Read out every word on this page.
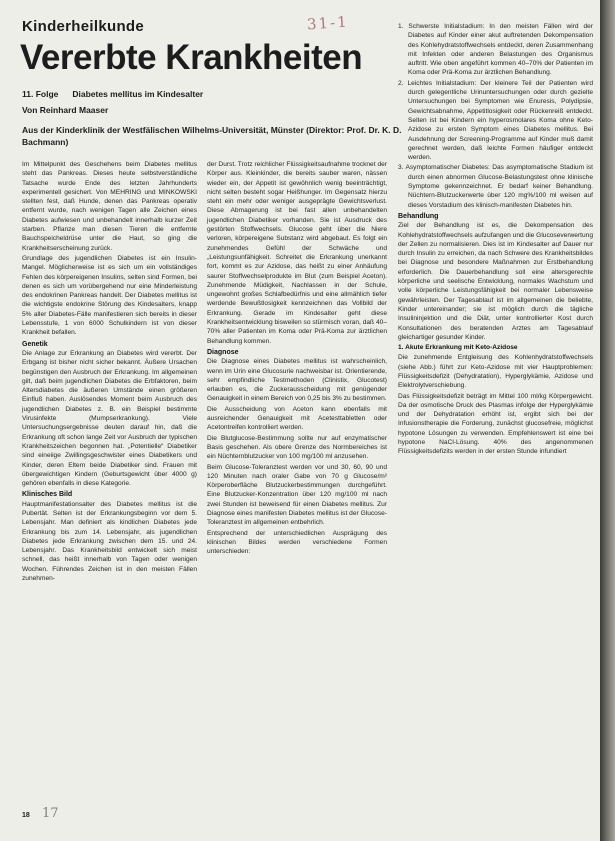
Kinderheilkunde	31-1
Vererbte Krankheiten
11. Folge Diabetes mellitus im Kindesalter
Von Reinhard Maaser
Aus der Kinderklinik der Westfälischen Wilhelms-Universität, Münster (Direktor: Prof. Dr. K. D. Bachmann)

Im Mittelpunkt des Geschehens beim Diabetes mellitus steht das Pankreas. Dieses heute selbstverständliche Tatsache wurde Ende des letzten Jahrhunderts experimentell gesichert. Von MEHRING und MINKOWSKI stellten fest, daß Hunde, denen das Pankreas operativ entfernt wurde, nach wenigen Tagen alle Zeichen eines Diabetes aufwiesen und unbehandelt innerhalb kurzer Zeit starben. Pflanze man diesen Tieren die entfernte Bauchspeicheldrüse unter die Haut, so ging die Krankheitserscheinung zurück.

Grundlage des jugendlichen Diabetes ist ein Insulin-Mangel. Möglicherweise ist es sich um ein vollständiges Fehlen des körpereigenen Insulins, selten sind Formen, bei denen es sich um vorübergehend nur eine Minderleistung des endokrinen Pankreas handelt. Der Diabetes mellitus ist die wichtigste endokrine Störung des Kindesalters, knapp 5% aller Diabetes-Fälle manifestieren sich bereits in dieser Lebensstufe, 1 von 6000 Schulkindern ist von dieser Krankheit befallen.

Genetik

Die Anlage zur Erkrankung an Diabetes wird vererbt. Der Erbgang ist bisher nicht sicher bekannt. Äußere Ursachen begünstigen den Ausbruch der Erkrankung. Im allgemeinen gilt, daß beim jugendlichen Diabetes die Erbfaktoren, beim Altersdiabetes die äußeren Umstände einen größeren Einfluß haben. Auslösendes Moment beim Ausbruch des jugendlichen Diabetes z. B. ein Beispiel bestimmte Virusinfekte (Mumpserkrankung). Viele Untersuchungsergebnisse deuten darauf hin, daß die Erkrankung oft schon lange Zeit vor Ausbruch der typischen Krankheitszeichen begonnen hat. „Potentielle“ Diabetiker sind eineiige Zwillingsgeschwister eines Diabetikers und Kinder, deren Eltern beide Diabetiker sind. Frauen mit übergewichtigen Kindern (Geburtsgewicht über 4000 g) gehören ebenfalls in diese Kategorie.

Klinisches Bild

Hauptmanifestationsalter des Diabetes mellitus ist die Pubertät. Selten ist der Erkrankungsbeginn vor dem 5. Lebensjahr. Man definiert als kindlichen Diabetes jede Erkrankung bis zum 14. Lebensjahr, als jugendlichen Diabetes jede Erkrankung zwischen dem 15. und 24. Lebensjahr. Das Krankheitsbild entwickelt sich meist schnell, das heißt innerhalb von Tagen oder wenigen Wochen. Führendes Zeichen ist in den meisten Fällen zunehmen-

der Durst. Trotz reichlicher Flüssigkeitsaufnahme trocknet der Körper aus. Kleinkinder, die bereits sauber waren, nässen wieder ein, der Appetit ist gewöhnlich wenig beeinträchtigt, nicht selten besteht sogar Heißhunger. Im Gegensatz hierzu steht ein mehr oder weniger ausgeprägte Gewichtsverlust. Diese Abmagerung ist bei fast allen unbehandelten jugendlichen Diabetiker vorhanden. Sie ist Ausdruck des gestörten Stoffwechsels. Glucose geht über die Niere verloren, körpereigene Substanz wird abgebaut. Es folgt ein zunehmendes Gefühl der Schwäche und „Leistungsunfähigkeit. Schreitet die Erkrankung unerkannt fort, kommt es zur Azidose, das heißt zu einer Anhäufung saurer Stoffwechselprodukte im Blut (zum Beispiel Aceton). Zunehmende Müdigkeit, Nachlassen in der Schule, ungewohnt großes Schlafbedürfnis und eine allmählich tiefer werdende Bewußtlosigkeit kennzeichnen das Vollbild der Erkrankung. Gerade im Kindesalter geht diese Krankheitsentwicklung bisweilen so stürmisch voran, daß 40–70% aller Patienten im Koma oder Prä-Koma zur ärztlichen Behandlung kommen.

Diagnose

Die Diagnose eines Diabetes mellitus ist wahrscheinlich, wenn im Urin eine Glucosurie nachweisbar ist. Orientierende, sehr empfindliche Testmethoden (Clinistix, Glucotest) erlauben es, die Zuckerausscheidung mit genügender Genauigkeit in einem Bereich von 0,25 bis 3% zu bestimmen.

Die Ausscheidung von Aceton kann ebenfalls mit ausreichender Genauigkeit mit Acetesttabletten oder Acetontreifen kontrolliert werden.

Die Blutglucose-Bestimmung sollte nur auf enzymatischer Basis geschehen. Als obere Grenze des Normbereiches ist ein Nüchternblutzucker von 100 mg/100 ml anzusehen.

Beim Glucose-Toleranztest werden vor und 30, 60, 90 und 120 Minuten nach oraler Gabe von 70 g Glucose/m² Körperoberfläche Blutzuckerbestimmungen durchgeführt. Eine Blutzucker-Konzentration über 120 mg/100 ml nach zwei Stunden ist beweisend für einen Diabetes mellitus. Zur Diagnose eines manifesten Diabetes mellitus ist der Glucose-Toleranztest im allgemeinen entbehrlich.

Entsprechend der unterschiedlichen Ausprägung des klinischen Bildes werden verschiedene Formen unterschieden:

1. Schwerste Initialstadium: In den meisten Fällen wird der Diabetes auf Kinder einer akut auftretenden Dekompensation des Kohlehydratstoffwechsels entdeckt, deren Zusammenhang mit Infekten oder anderen Belastungen des Organismus auftritt. Wie oben angeführt kommen 40–70% der Patienten im Koma oder Prä-Koma zur ärztlichen Behandlung.

2. Leichtes Initialstadium: Der kleinere Teil der Patienten wird durch gelegentliche Urinuntersuchungen oder durch gezielte Untersuchungen bei Symptomen wie Enuresis, Polydipsie, Gewichtsabnahme, Appetitlosigkeit oder Rückenreiß entdeckt. Selten ist bei Kindern ein hyperosmolares Koma ohne Keto-Azidose zu ersten Symptom eines Diabetes mellitus. Bei Ausdehnung der Screening-Programme auf Kinder muß damit gerechnet werden, daß leichte Formen häufiger entdeckt werden.

3. Asymptomatischer Diabetes: Das asymptomatische Stadium ist durch einen abnormen Glucose-Belastungstest ohne klinische Symptome gekennzeichnet. Er bedarf keiner Behandlung. Nüchtern-Blutzuckerwerte über 120 mg%/100 ml weisen auf dieses Vorstadium des klinisch-manifesten Diabetes hin.

Behandlung

Ziel der Behandlung ist es, die Dekompensation des Kohlehydratstoffwechsels aufzufangen und die Glucoseverwertung der Zellen zu normalisieren. Dies ist im Kindesalter auf Dauer nur durch Insulin zu erreichen, da nach Schwere des Krankheitsbildes bei Diagnose und besondere Maßnahmen zur Erstbehandlung erforderlich. Die Dauerbehandlung soll eine altersgerechte körperliche und seelische Entwicklung, normales Wachstum und volle körperliche Leistungsfähigkeit bei normaler Lebensweise gewährleisten. Der Tagesablauf ist im allgemeinen die beliebte, Kinder untereinander; sie ist möglich durch die tägliche Insulininjektion und die Diät, unter kontrollierter Kost durch Konsultationen des beratenden Arztes am Tagesablauf gleichartiger gesunder Kinder.

1. Akute Erkrankung mit Keto-Azidose

Die zunehmende Entgleisung des Kohlenhydratstoffwechsels (siehe Abb.) führt zur Keto-Azidose mit vier Hauptproblemen: Flüssigkeitsdefizit (Dehydratation), Hyperglykämie, Azidose und Elektrolytverschiebung.

Das Flüssigkeitsdefizit beträgt im Mittel 100 ml/kg Körpergewicht. Da der osmotische Druck des Plasmas infolge der Hyperglykämie und der Dehydratation erhöht ist, ergibt sich bei der Infusionstherapie die Forderung, zunächst glucosefreie, möglichst hypotone Lösungen zu verwenden. Empfehlenswert ist eine bei hypotone NaCl-Lösung. 40% des angenommenen Flüssigkeitsdefizits werden in der ersten Stunde infundiert

18 17
